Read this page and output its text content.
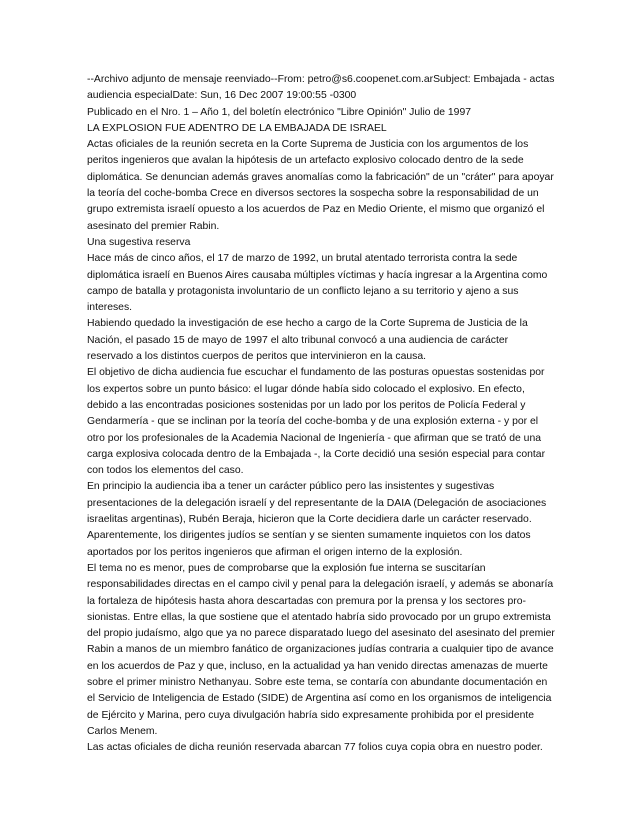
--Archivo adjunto de mensaje reenviado--From: petro@s6.coopenet.com.arSubject: Embajada - actas audiencia especialDate: Sun, 16 Dec 2007 19:00:55 -0300

Publicado en el Nro. 1 – Año 1, del boletín electrónico "Libre Opinión" Julio de 1997

LA EXPLOSION FUE ADENTRO DE LA EMBAJADA DE ISRAEL

Actas oficiales de la reunión secreta en la Corte Suprema de Justicia con los argumentos de los peritos ingenieros que avalan la hipótesis de un artefacto explosivo colocado dentro de la sede diplomática. Se denuncian además graves anomalías como la fabricación" de un "cráter" para apoyar la teoría del coche-bomba Crece en diversos sectores la sospecha sobre la responsabilidad de un grupo extremista israelí opuesto a los acuerdos de Paz en Medio Oriente, el mismo que organizó el asesinato del premier Rabin.

Una sugestiva reserva

Hace más de cinco años, el 17 de marzo de 1992, un brutal atentado terrorista contra la sede diplomática israelí en Buenos Aires causaba múltiples víctimas y hacía ingresar a la Argentina como campo de batalla y protagonista involuntario de un conflicto lejano a su territorio y ajeno a sus intereses.

Habiendo quedado la investigación de ese hecho a cargo de la Corte Suprema de Justicia de la Nación, el pasado 15 de mayo de 1997 el alto tribunal convocó a una audiencia de carácter reservado a los distintos cuerpos de peritos que intervinieron en la causa.

El objetivo de dicha audiencia fue escuchar el fundamento de las posturas opuestas sostenidas por los expertos sobre un punto básico: el lugar dónde había sido colocado el explosivo. En efecto, debido a las encontradas posiciones sostenidas por un lado por los peritos de Policía Federal y Gendarmería - que se inclinan por la teoría del coche-bomba y de una explosión externa - y por el otro por los profesionales de la Academia Nacional de Ingeniería - que afirman que se trató de una carga explosiva colocada dentro de la Embajada -, la Corte decidió una sesión especial para contar con todos los elementos del caso.

En principio la audiencia iba a tener un carácter público pero las insistentes y sugestivas presentaciones de la delegación israelí y del representante de la DAIA (Delegación de asociaciones israelitas argentinas), Rubén Beraja, hicieron que la Corte decidiera darle un carácter reservado. Aparentemente, los dirigentes judíos se sentían y se sienten sumamente inquietos con los datos aportados por los peritos ingenieros que afirman el origen interno de la explosión.

El tema no es menor, pues de comprobarse que la explosión fue interna se suscitarían responsabilidades directas en el campo civil y penal para la delegación israelí, y además se abonaría la fortaleza de hipótesis hasta ahora descartadas con premura por la prensa y los sectores pro-sionistas. Entre ellas, la que sostiene que el atentado habría sido provocado por un grupo extremista del propio judaísmo, algo que ya no parece disparatado luego del asesinato del asesinato del premier Rabin a manos de un miembro fanático de organizaciones judías contraria a cualquier tipo de avance en los acuerdos de Paz y que, incluso, en la actualidad ya han venido directas amenazas de muerte sobre el primer ministro Nethanyau. Sobre este tema, se contaría con abundante documentación en el Servicio de Inteligencia de Estado (SIDE) de Argentina así como en los organismos de inteligencia de Ejército y Marina, pero cuya divulgación habría sido expresamente prohibida por el presidente Carlos Menem.

Las actas oficiales de dicha reunión reservada abarcan 77 folios cuya copia obra en nuestro poder.
